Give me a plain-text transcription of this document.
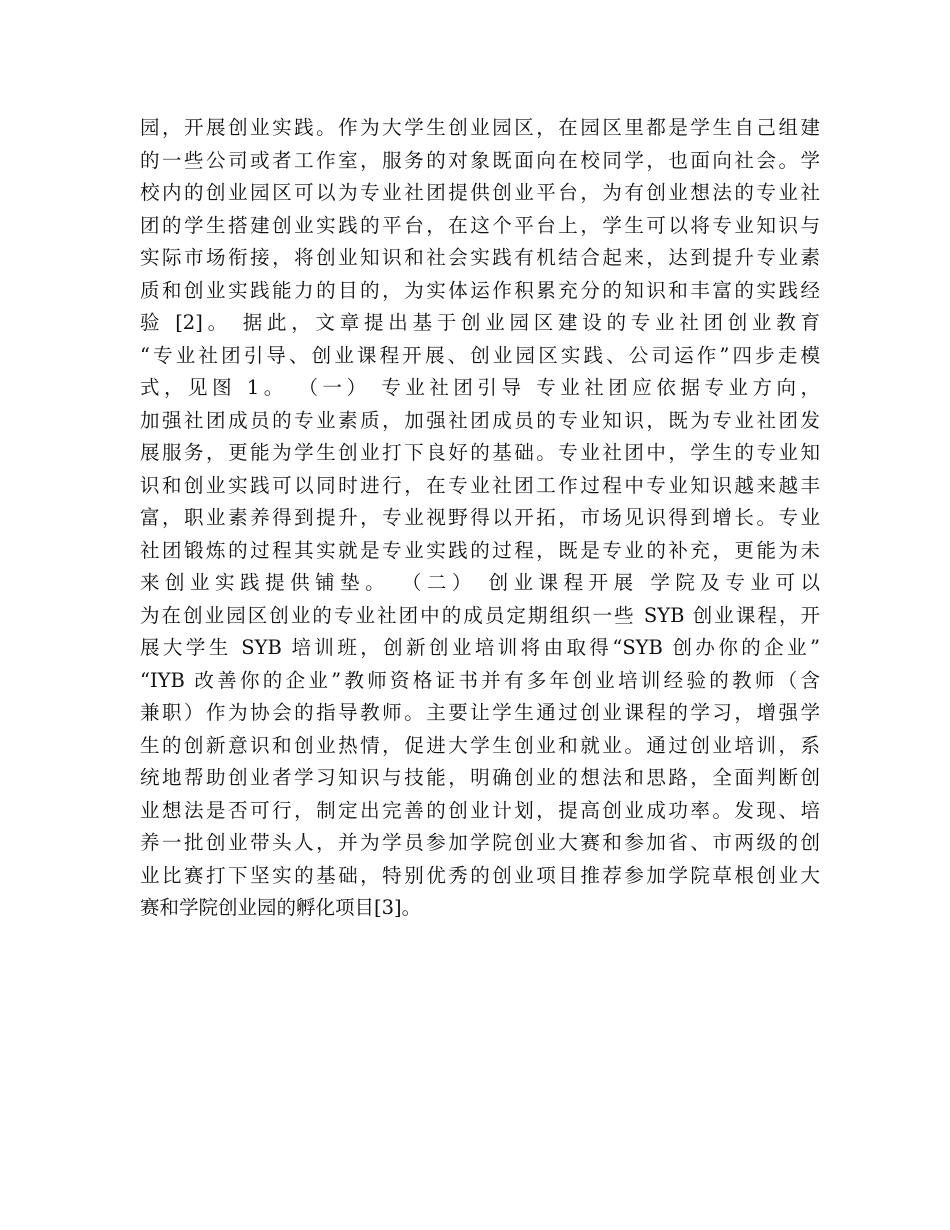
园，开展创业实践。作为大学生创业园区，在园区里都是学生自己组建
的一些公司或者工作室，服务的对象既面向在校同学，也面向社会。学
校内的创业园区可以为专业社团提供创业平台，为有创业想法的专业社
团的学生搭建创业实践的平台，在这个平台上，学生可以将专业知识与
实际市场衔接，将创业知识和社会实践有机结合起来，达到提升专业素
质和创业实践能力的目的，为实体运作积累充分的知识和丰富的实践经
验 [2]。 据此，文章提出基于创业园区建设的专业社团创业教育
“专业社团引导、创业课程开展、创业园区实践、公司运作”四步走模
式，见图 1。 （一） 专业社团引导 专业社团应依据专业方向，
加强社团成员的专业素质，加强社团成员的专业知识，既为专业社团发
展服务，更能为学生创业打下良好的基础。专业社团中，学生的专业知
识和创业实践可以同时进行，在专业社团工作过程中专业知识越来越丰
富，职业素养得到提升，专业视野得以开拓，市场见识得到增长。专业
社团锻炼的过程其实就是专业实践的过程，既是专业的补充，更能为未
来创业实践提供铺垫。 （二） 创业课程开展 学院及专业可以
为在创业园区创业的专业社团中的成员定期组织一些 SYB 创业课程，开
展大学生 SYB 培训班，创新创业培训将由取得“SYB 创办你的企业”
“IYB 改善你的企业”教师资格证书并有多年创业培训经验的教师（含
兼职）作为协会的指导教师。主要让学生通过创业课程的学习，增强学
生的创新意识和创业热情，促进大学生创业和就业。通过创业培训，系
统地帮助创业者学习知识与技能，明确创业的想法和思路，全面判断创
业想法是否可行，制定出完善的创业计划，提高创业成功率。发现、培
养一批创业带头人，并为学员参加学院创业大赛和参加省、市两级的创
业比赛打下坚实的基础，特别优秀的创业项目推荐参加学院草根创业大
赛和学院创业园的孵化项目[3]。
